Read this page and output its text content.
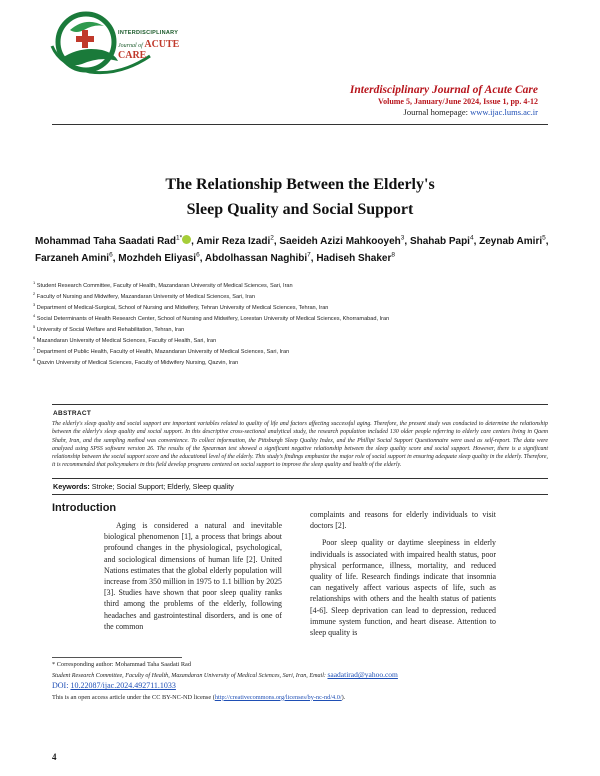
INTERDISCIPLINARY
Journal of ACUTE CARE
Interdisciplinary Journal of Acute Care
Volume 5, January/June 2024, Issue 1, pp. 4-12
Journal homepage: www.ijac.lums.ac.ir
The Relationship Between the Elderly's
Sleep Quality and Social Support
Mohammad Taha Saadati Rad$^{1*}$ , Amir Reza Izadi$^2$, Saeideh Azizi Mahkooyeh$^3$, Shahab Papi$^4$, Zeynab Amiri$^5$, Farzaneh Amini$^6$, Mozhdeh Eliyasi$^6$, Abdolhassan Naghibi$^7$, Hadiseh Shaker$^8$
$^1$ Student Research Committee, Faculty of Health, Mazandaran University of Medical Sciences, Sari, Iran
$^2$ Faculty of Nursing and Midwifery, Mazandaran University of Medical Sciences, Sari, Iran
$^3$ Department of Medical-Surgical, School of Nursing and Midwifery, Tehran University of Medical Sciences, Tehran, Iran
$^4$ Social Determinants of Health Research Center, School of Nursing and Midwifery, Lorestan University of Medical Sciences, Khorramabad, Iran
$^5$ University of Social Welfare and Rehabilitation, Tehran, Iran
$^6$ Mazandaran University of Medical Sciences, Faculty of Health, Sari, Iran
$^7$ Department of Public Health, Faculty of Health, Mazandaran University of Medical Sciences, Sari, Iran
$^8$ Qazvin University of Medical Sciences, Faculty of Midwifery Nursing, Qazvin, Iran
ABSTRACT
The elderly's sleep quality and social support are important variables related to quality of life and factors affecting successful aging. Therefore, the present study was conducted to determine the relationship between the elderly's sleep quality and social support. In this descriptive cross-sectional analytical study, the research population included 130 older people referring to elderly care centers living in Qaem Shahr, Iran, and the sampling method was convenience. To collect information, the Pittsburgh Sleep Quality Index, and the Phillipi Social Support Questionnaire were used as self-report. The data were analyzed using SPSS software version 26. The results of the Spearman test showed a significant negative relationship between the sleep quality score and social support. However, there is a significant relationship between the social support score and the educational level of the elderly. This study's findings emphasize the major role of social support in ensuring adequate sleep quality in the elderly. Therefore, it is recommended that policymakers in this field develop programs centered on social support to improve the sleep quality and health of the elderly.
Keywords: Stroke; Social Support; Elderly, Sleep quality
Introduction

Aging is considered a natural and inevitable biological phenomenon [1], a process that brings about profound changes in the physiological, psychological, and sociological dimensions of human life [2]. United Nations estimates that the global elderly population will increase from 350 million in 1975 to 1.1 billion by 2025 [3]. Studies have shown that poor sleep quality ranks third among the problems of the elderly, following headaches and gastrointestinal disorders, and is one of the common

complaints and reasons for elderly individuals to visit doctors [2].

Poor sleep quality or daytime sleepiness in elderly individuals is associated with impaired health status, poor physical performance, illness, mortality, and reduced quality of life. Research findings indicate that insomnia can negatively affect various aspects of life, such as relationships with others and the health status of patients [4-6]. Sleep deprivation can lead to depression, reduced immune system function, and heart disease. Attention to sleep quality is

* Corresponding author: Mohammad Taha Saadati Rad
Student Research Committee, Faculty of Health, Mazandaran University of Medical Sciences, Sari, Iran, Email: saadatirad@yahoo.com
DOI: 10.22087/ijac.2024.492711.1033
This is an open access article under the CC BY-NC-ND license (http://creativecommons.org/licenses/by-nc-nd/4.0/).
4
